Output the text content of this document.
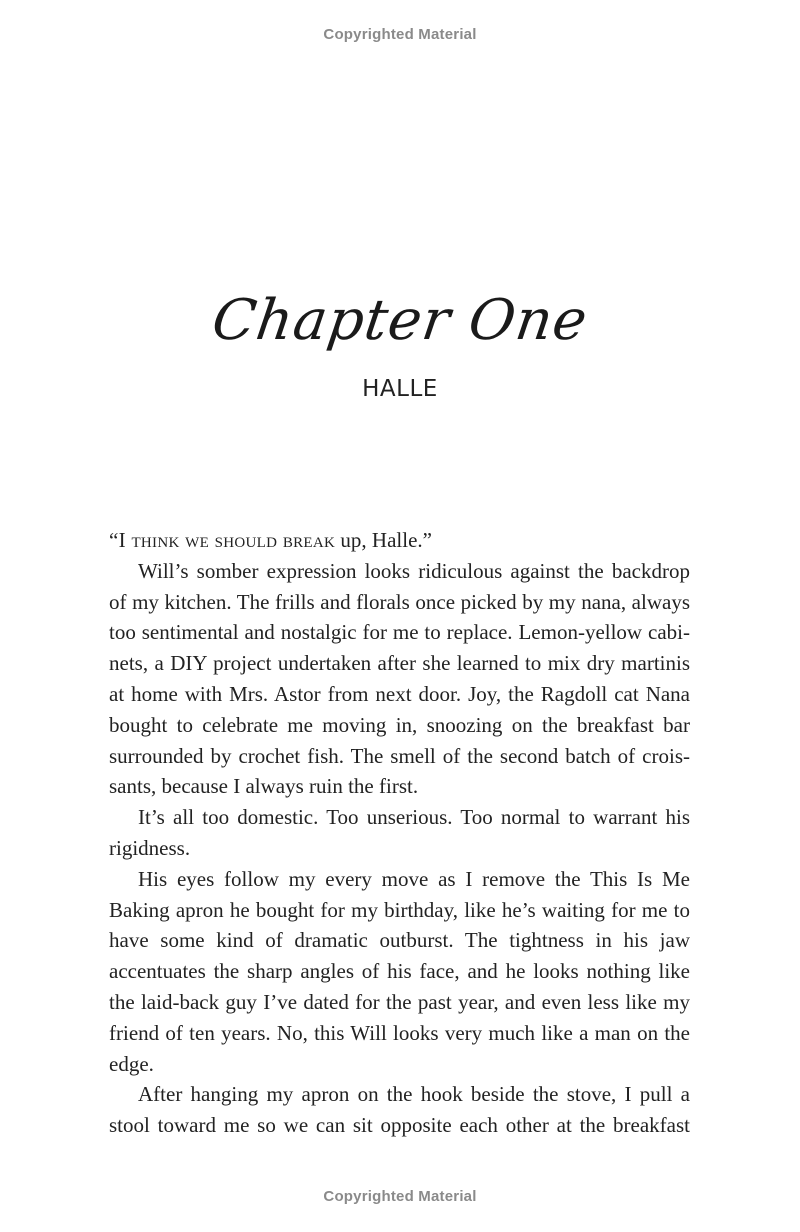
Copyrighted Material
Chapter One
HALLE

“I think we should break up, Halle.”

Will’s somber expression looks ridiculous against the backdrop of my kitchen. The frills and florals once picked by my nana, always too sentimental and nostalgic for me to replace. Lemon-yellow cabinets, a DIY project undertaken after she learned to mix dry martinis at home with Mrs. Astor from next door. Joy, the Ragdoll cat Nana bought to celebrate me moving in, snoozing on the breakfast bar surrounded by crochet fish. The smell of the second batch of croissants, because I always ruin the first.

It’s all too domestic. Too unserious. Too normal to warrant his rigidness.

His eyes follow my every move as I remove the This Is Me Baking apron he bought for my birthday, like he’s waiting for me to have some kind of dramatic outburst. The tightness in his jaw accentuates the sharp angles of his face, and he looks nothing like the laid-back guy I’ve dated for the past year, and even less like my friend of ten years. No, this Will looks very much like a man on the edge.

After hanging my apron on the hook beside the stove, I pull a stool toward me so we can sit opposite each other at the breakfast

Copyrighted Material
